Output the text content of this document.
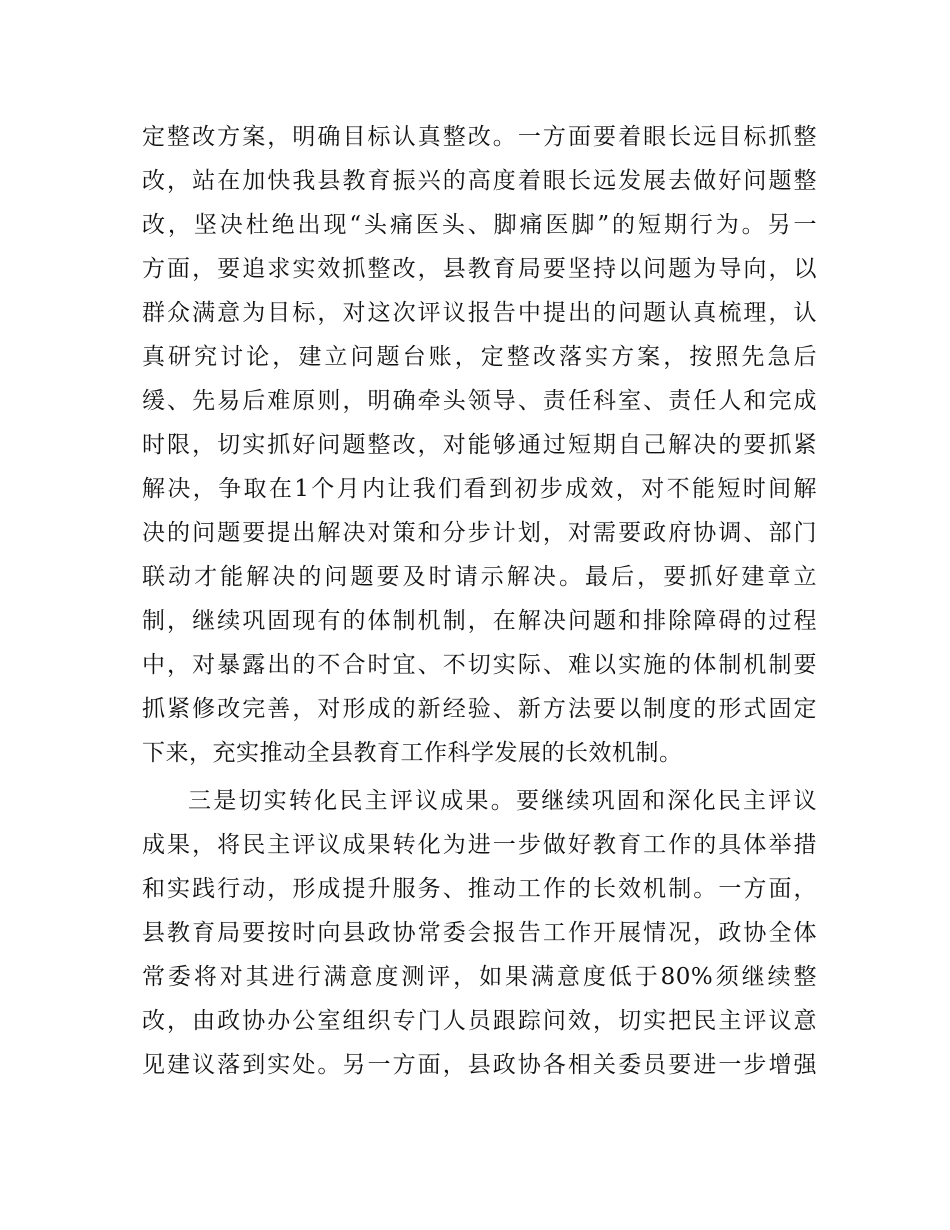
定整改方案，明确目标认真整改。一方面要着眼长远目标抓整
改，站在加快我县教育振兴的高度着眼长远发展去做好问题整
改，坚决杜绝出现“头痛医头、脚痛医脚”的短期行为。另一
方面，要追求实效抓整改，县教育局要坚持以问题为导向，以
群众满意为目标，对这次评议报告中提出的问题认真梳理，认
真研究讨论，建立问题台账，定整改落实方案，按照先急后
缓、先易后难原则，明确牵头领导、责任科室、责任人和完成
时限，切实抓好问题整改，对能够通过短期自己解决的要抓紧
解决，争取在1个月内让我们看到初步成效，对不能短时间解
决的问题要提出解决对策和分步计划，对需要政府协调、部门
联动才能解决的问题要及时请示解决。最后，要抓好建章立
制，继续巩固现有的体制机制，在解决问题和排除障碍的过程
中，对暴露出的不合时宜、不切实际、难以实施的体制机制要
抓紧修改完善，对形成的新经验、新方法要以制度的形式固定
下来，充实推动全县教育工作科学发展的长效机制。
三是切实转化民主评议成果。要继续巩固和深化民主评议
成果，将民主评议成果转化为进一步做好教育工作的具体举措
和实践行动，形成提升服务、推动工作的长效机制。一方面，
县教育局要按时向县政协常委会报告工作开展情况，政协全体
常委将对其进行满意度测评，如果满意度低于80%须继续整
改，由政协办公室组织专门人员跟踪问效，切实把民主评议意
见建议落到实处。另一方面，县政协各相关委员要进一步增强
